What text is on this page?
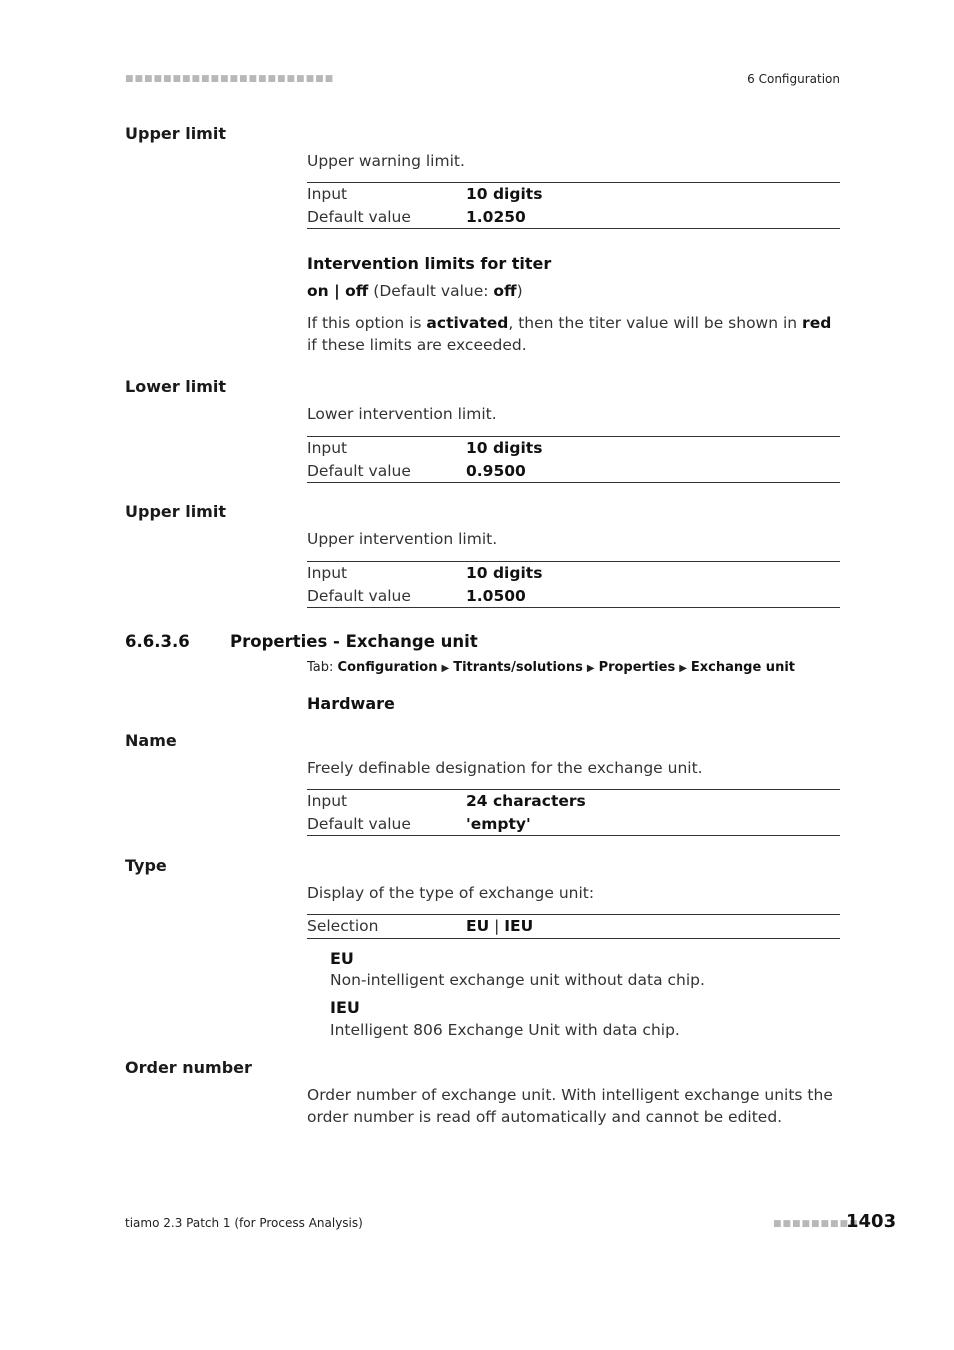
■■■■■■■■■■■■■■■■■■■■■■	6 Configuration
Upper limit
Upper warning limit.
Input	10 digits
Default value	1.0250
Intervention limits for titer
on | off (Default value: off)
If this option is activated, then the titer value will be shown in red if these limits are exceeded.
Lower limit
Lower intervention limit.
Input	10 digits
Default value	0.9500
Upper limit
Upper intervention limit.
Input	10 digits
Default value	1.0500
6.6.3.6 Properties - Exchange unit
Tab: Configuration ▶ Titrants/solutions ▶ Properties ▶ Exchange unit
Hardware
Name
Freely definable designation for the exchange unit.
Input	24 characters
Default value	'empty'
Type
Display of the type of exchange unit:
Selection	EU | IEU
EU
Non-intelligent exchange unit without data chip.
IEU
Intelligent 806 Exchange Unit with data chip.
Order number
Order number of exchange unit. With intelligent exchange units the order number is read off automatically and cannot be edited.
tiamo 2.3 Patch 1 (for Process Analysis)	■■■■■■■■■
1403
